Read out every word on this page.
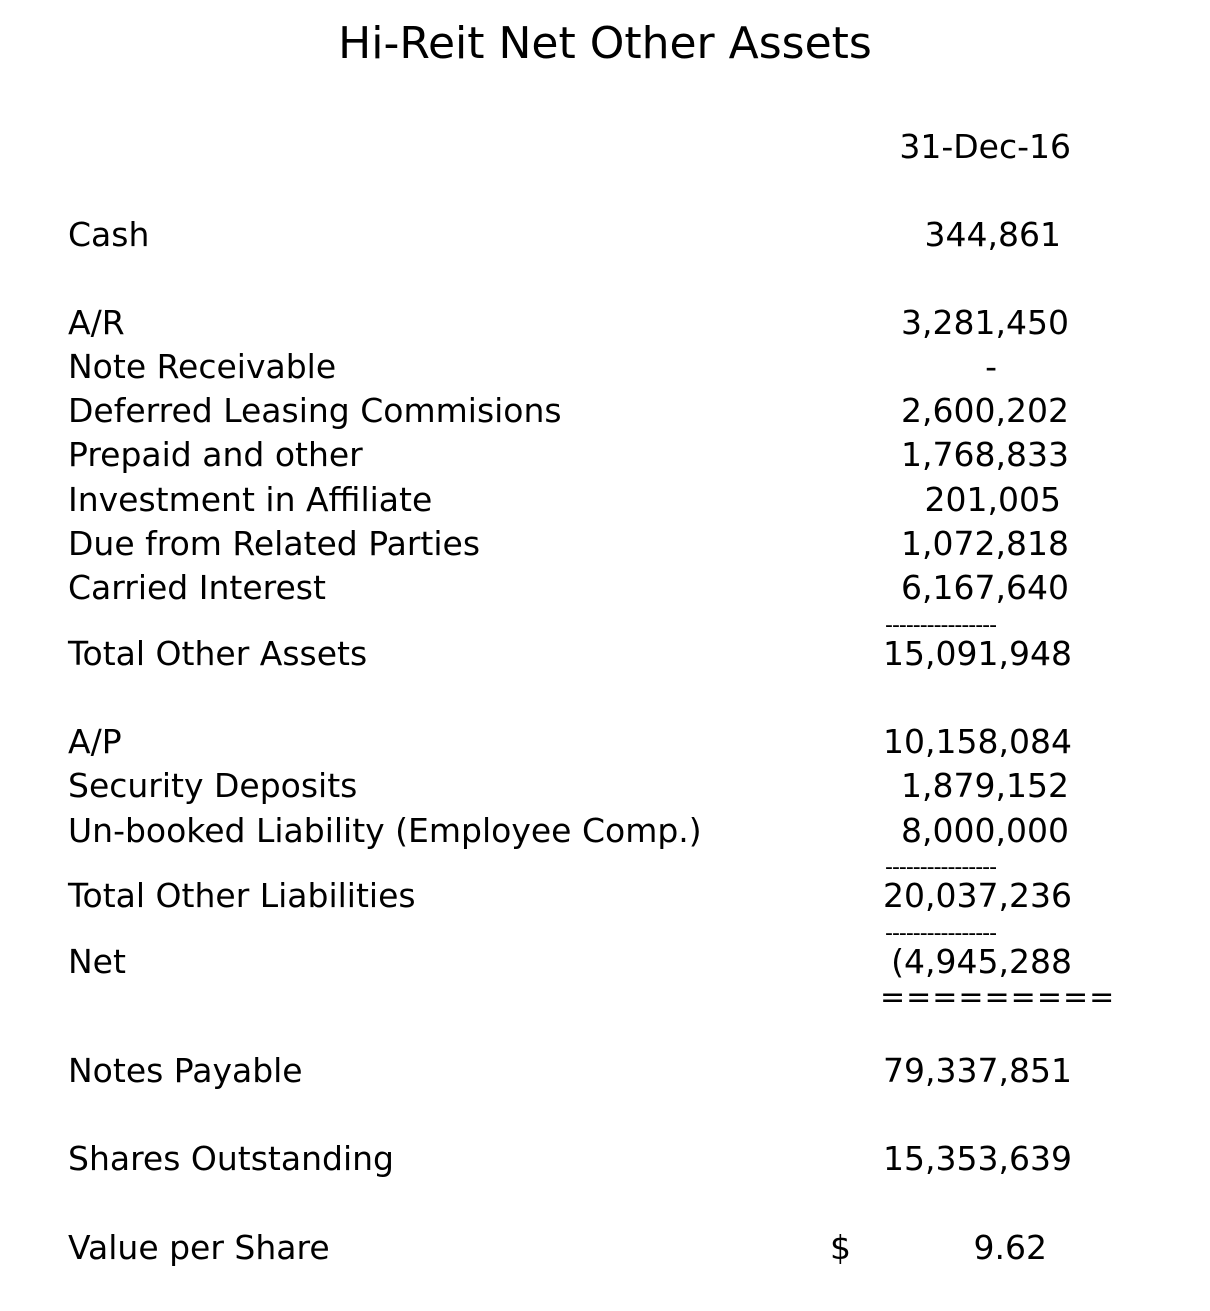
Hi-Reit Net Other Assets
31-Dec-16
Cash	344,861
A/R	3,281,450
Note Receivable	-
Deferred Leasing Commisions	2,600,202
Prepaid and other	1,768,833
Investment in Affiliate	201,005
Due from Related Parties	1,072,818
Carried Interest	6,167,640
----------------
Total Other Assets	15,091,948
A/P	10,158,084
Security Deposits	1,879,152
Un-booked Liability (Employee Comp.)	8,000,000
----------------
Total Other Liabilities	20,037,236
----------------
Net	(4,945,288
=========
Notes Payable	79,337,851
Shares Outstanding	15,353,639
Value per Share	$	9.62
